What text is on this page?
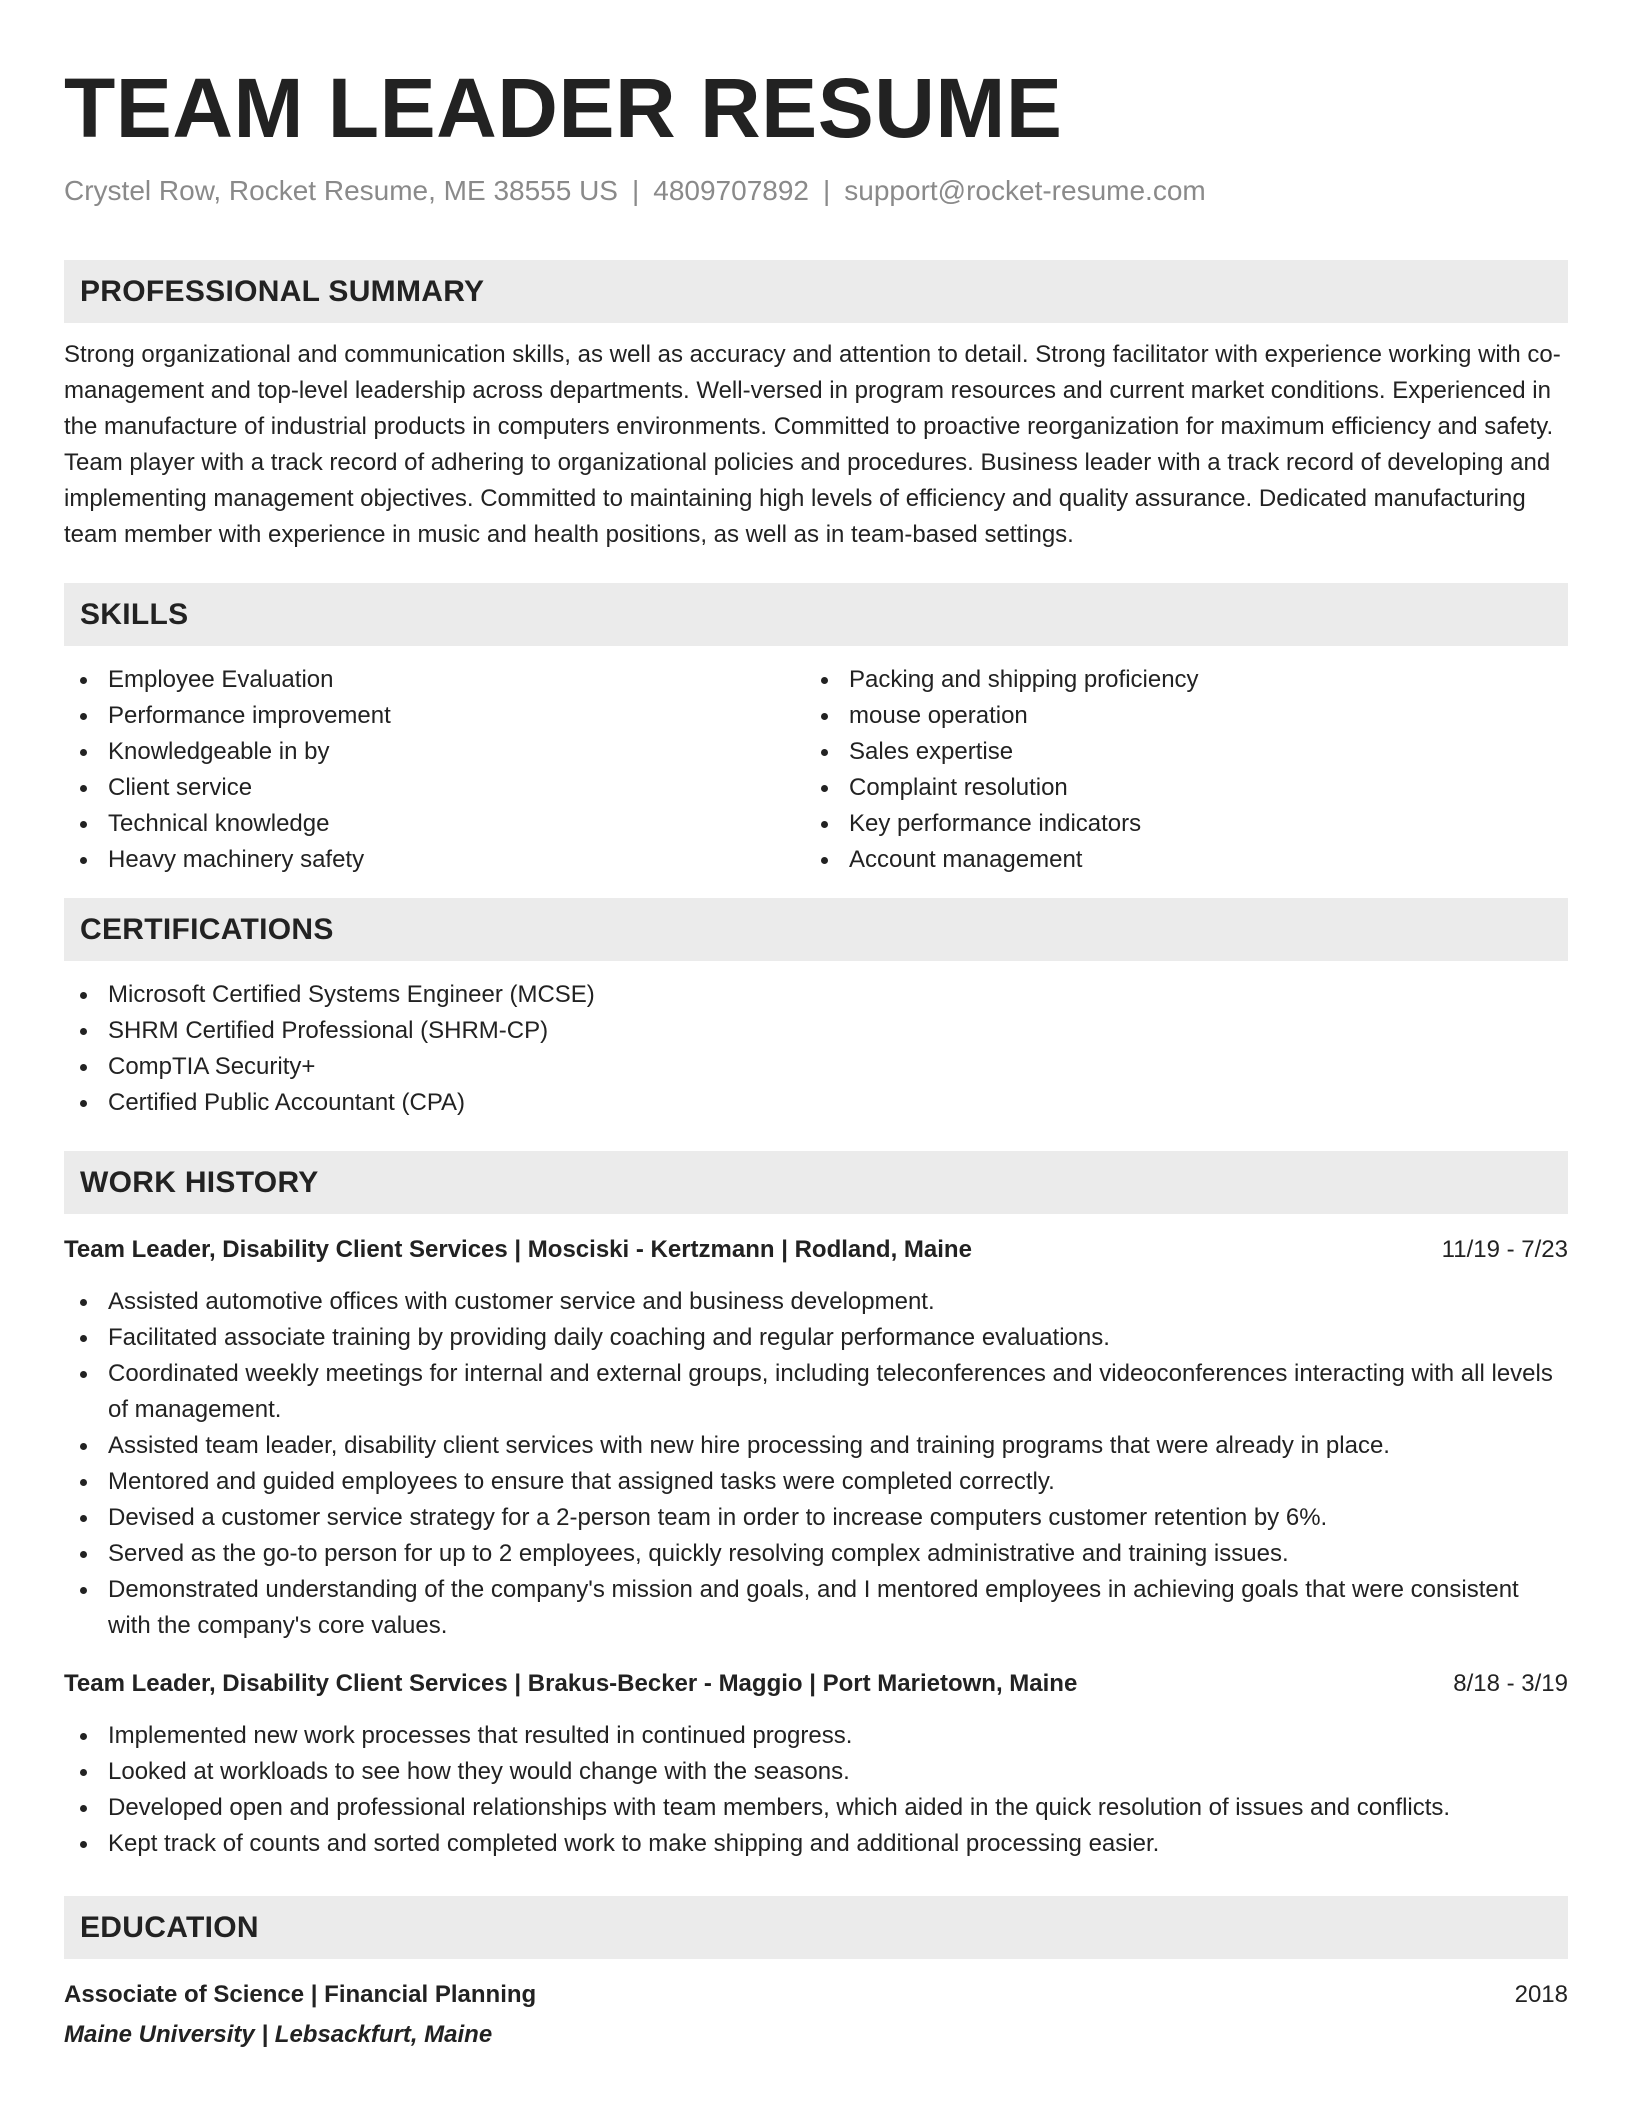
TEAM LEADER RESUME
Crystel Row, Rocket Resume, ME 38555 US | 4809707892 | support@rocket-resume.com
PROFESSIONAL SUMMARY

Strong organizational and communication skills, as well as accuracy and attention to detail. Strong facilitator with experience working with co-management and top-level leadership across departments. Well-versed in program resources and current market conditions. Experienced in the manufacture of industrial products in computers environments. Committed to proactive reorganization for maximum efficiency and safety. Team player with a track record of adhering to organizational policies and procedures. Business leader with a track record of developing and implementing management objectives. Committed to maintaining high levels of efficiency and quality assurance. Dedicated manufacturing team member with experience in music and health positions, as well as in team-based settings.

SKILLS
Employee Evaluation
Performance improvement
Knowledgeable in by
Client service
Technical knowledge
Heavy machinery safety
Packing and shipping proficiency
mouse operation
Sales expertise
Complaint resolution
Key performance indicators
Account management
CERTIFICATIONS
Microsoft Certified Systems Engineer (MCSE)
SHRM Certified Professional (SHRM-CP)
CompTIA Security+
Certified Public Accountant (CPA)
WORK HISTORY
Team Leader, Disability Client Services | Mosciski - Kertzmann | Rodland, Maine	11/19 - 7/23
Assisted automotive offices with customer service and business development.
Facilitated associate training by providing daily coaching and regular performance evaluations.
Coordinated weekly meetings for internal and external groups, including teleconferences and videoconferences interacting with all levels of management.
Assisted team leader, disability client services with new hire processing and training programs that were already in place.
Mentored and guided employees to ensure that assigned tasks were completed correctly.
Devised a customer service strategy for a 2-person team in order to increase computers customer retention by 6%.
Served as the go-to person for up to 2 employees, quickly resolving complex administrative and training issues.
Demonstrated understanding of the company's mission and goals, and I mentored employees in achieving goals that were consistent with the company's core values.
Team Leader, Disability Client Services | Brakus-Becker - Maggio | Port Marietown, Maine	8/18 - 3/19
Implemented new work processes that resulted in continued progress.
Looked at workloads to see how they would change with the seasons.
Developed open and professional relationships with team members, which aided in the quick resolution of issues and conflicts.
Kept track of counts and sorted completed work to make shipping and additional processing easier.
EDUCATION
Associate of Science | Financial Planning	2018
Maine University | Lebsackfurt, Maine
